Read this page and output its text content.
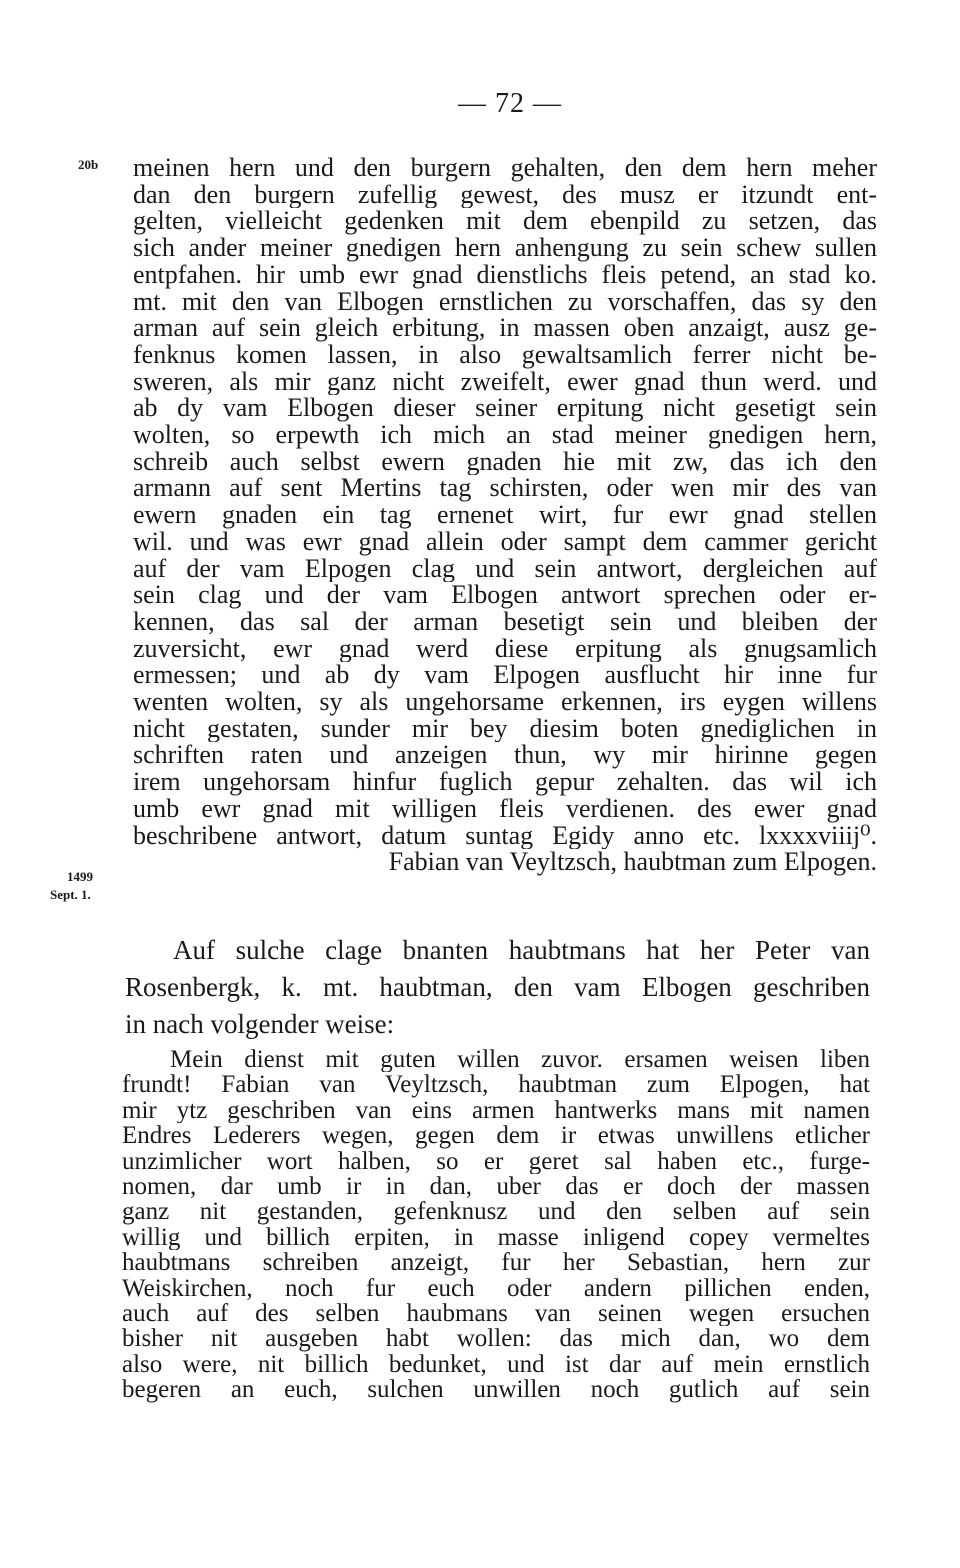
— 72 —
20b
1499
Sept. 1.
meinen hern und den burgern gehalten, den dem hern meher
dan den burgern zufellig gewest, des musz er itzundt ent-
gelten, vielleicht gedenken mit dem ebenpild zu setzen, das
sich ander meiner gnedigen hern anhengung zu sein schew sullen
entpfahen. hir umb ewr gnad dienstlichs fleis petend, an stad ko.
mt. mit den van Elbogen ernstlichen zu vorschaffen, das sy den
arman auf sein gleich erbitung, in massen oben anzaigt, ausz ge-
fenknus komen lassen, in also gewaltsamlich ferrer nicht be-
sweren, als mir ganz nicht zweifelt, ewer gnad thun werd. und
ab dy vam Elbogen dieser seiner erpitung nicht gesetigt sein
wolten, so erpewth ich mich an stad meiner gnedigen hern,
schreib auch selbst ewern gnaden hie mit zw, das ich den
armann auf sent Mertins tag schirsten, oder wen mir des van
ewern gnaden ein tag ernenet wirt, fur ewr gnad stellen
wil. und was ewr gnad allein oder sampt dem cammer gericht
auf der vam Elpogen clag und sein antwort, dergleichen auf
sein clag und der vam Elbogen antwort sprechen oder er-
kennen, das sal der arman besetigt sein und bleiben der
zuversicht, ewr gnad werd diese erpitung als gnugsamlich
ermessen; und ab dy vam Elpogen ausflucht hir inne fur
wenten wolten, sy als ungehorsame erkennen, irs eygen willens
nicht gestaten, sunder mir bey diesim boten gnediglichen in
schriften raten und anzeigen thun, wy mir hirinne gegen
irem ungehorsam hinfur fuglich gepur zehalten. das wil ich
umb ewr gnad mit willigen fleis verdienen. des ewer gnad
beschribene antwort, datum suntag Egidy anno etc. lxxxxviiij⁰.
Fabian van Veyltzsch, haubtman zum Elpogen.
Auf sulche clage bnanten haubtmans hat her Peter van
Rosenbergk, k. mt. haubtman, den vam Elbogen geschriben
in nach volgender weise:
Mein dienst mit guten willen zuvor. ersamen weisen liben
frundt! Fabian van Veyltzsch, haubtman zum Elpogen, hat
mir ytz geschriben van eins armen hantwerks mans mit namen
Endres Lederers wegen, gegen dem ir etwas unwillens etlicher
unzimlicher wort halben, so er geret sal haben etc., furge-
nomen, dar umb ir in dan, uber das er doch der massen
ganz nit gestanden, gefenknusz und den selben auf sein
willig und billich erpiten, in masse inligend copey vermeltes
haubtmans schreiben anzeigt, fur her Sebastian, hern zur
Weiskirchen, noch fur euch oder andern pillichen enden,
auch auf des selben haubmans van seinen wegen ersuchen
bisher nit ausgeben habt wollen: das mich dan, wo dem
also were, nit billich bedunket, und ist dar auf mein ernstlich
begeren an euch, sulchen unwillen noch gutlich auf sein
